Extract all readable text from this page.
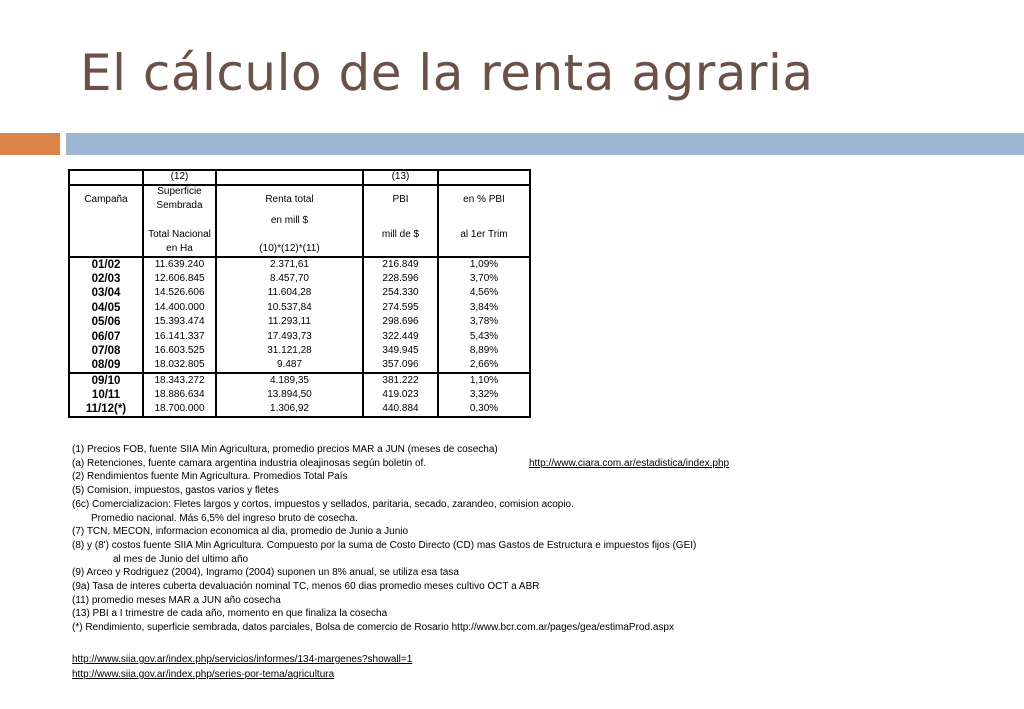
El cálculo de la renta agraria
	(12)		(13)	
Campaña	Superficie	Renta total	PBI	en % PBI
	Sembrada			
		en mill $		
	Total Nacional		mill de $	al 1er Trim
	en Ha	(10)*(12)*(11)		
01/02	11.639.240	2.371,61	216.849	1,09%
02/03	12.606.845	8.457,70	228.596	3,70%
03/04	14.526.606	11.604,28	254.330	4,56%
04/05	14.400.000	10.537,84	274.595	3,84%
05/06	15.393.474	11.293,11	298.696	3,78%
06/07	16.141.337	17.493,73	322.449	5,43%
07/08	16.603.525	31.121,28	349.945	8,89%
08/09	18.032.805	9.487	357.096	2,66%
09/10	18.343.272	4.189,35	381.222	1,10%
10/11	18.886.634	13.894,50	419.023	3,32%
11/12(*)	18.700.000	1.306,92	440.884	0,30%
(1) Precios FOB, fuente SIIA Min Agricultura, promedio precios MAR a JUN (meses de cosecha)
(a) Retenciones, fuente camara argentina industria oleajinosas según boletin of.	http://www.ciara.com.ar/estadistica/index.php
(2) Rendimientos fuente Min Agricultura. Promedios Total País
(5) Comision, impuestos, gastos varios y fletes
(6c) Comercializacion: Fletes largos y cortos, impuestos y sellados, paritaria, secado, zarandeo, comision acopio.
Promedio nacional. Más 6,5% del ingreso bruto de cosecha.
(7) TCN, MECON, informacion economica al dia, promedio de Junio a Junio
(8) y (8') costos fuente SIIA Min Agricultura. Compuesto por la suma de Costo Directo (CD) mas Gastos de Estructura e impuestos fijos (GEI)
al mes de Junio del ultimo año
(9) Arceo y Rodriguez (2004), Ingramo (2004) suponen un 8% anual, se utiliza esa tasa
(9a) Tasa de interes cuberta devaluación nominal TC, menos 60 dias promedio meses cultivo OCT a ABR
(11) promedio meses MAR a JUN año cosecha
(13) PBI a I trimestre de cada año, momento en que finaliza la cosecha
(*) Rendimiento, superficie sembrada, datos parciales, Bolsa de comercio de Rosario http://www.bcr.com.ar/pages/gea/estimaProd.aspx
http://www.siia.gov.ar/index.php/servicios/informes/134-margenes?showall=1
http://www.siia.gov.ar/index.php/series-por-tema/agricultura
